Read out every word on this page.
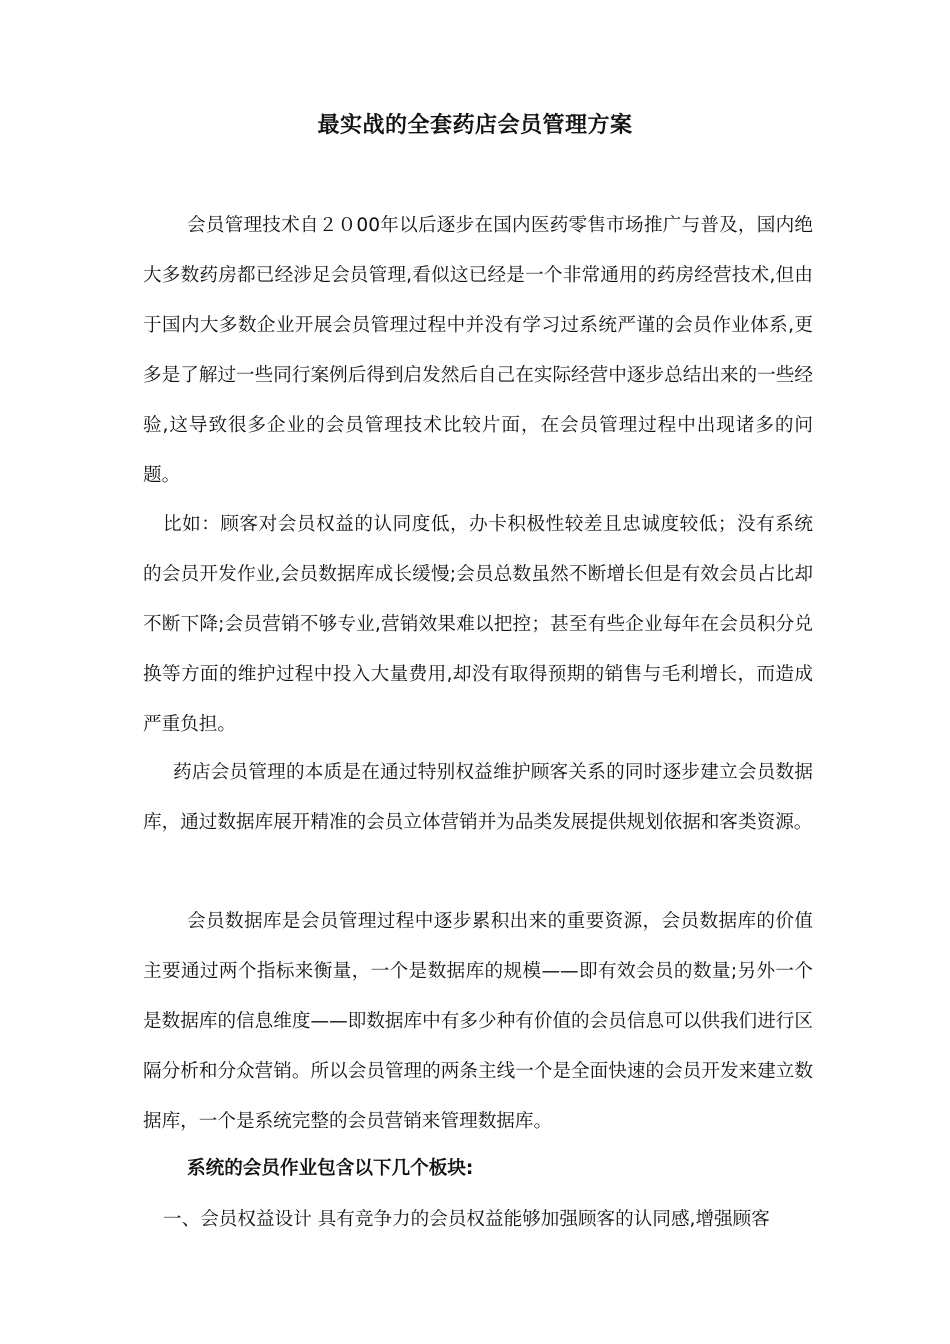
最实战的全套药店会员管理方案

会员管理技术自２０00年以后逐步在国内医药零售市场推广与普及，国内绝大多数药房都已经涉足会员管理,看似这已经是一个非常通用的药房经营技术,但由于国内大多数企业开展会员管理过程中并没有学习过系统严谨的会员作业体系,更多是了解过一些同行案例后得到启发然后自己在实际经营中逐步总结出来的一些经验,这导致很多企业的会员管理技术比较片面，在会员管理过程中出现诸多的问题。

比如：顾客对会员权益的认同度低，办卡积极性较差且忠诚度较低；没有系统的会员开发作业,会员数据库成长缓慢;会员总数虽然不断增长但是有效会员占比却不断下降;会员营销不够专业,营销效果难以把控；甚至有些企业每年在会员积分兑换等方面的维护过程中投入大量费用,却没有取得预期的销售与毛利增长，而造成严重负担。

药店会员管理的本质是在通过特别权益维护顾客关系的同时逐步建立会员数据库，通过数据库展开精准的会员立体营销并为品类发展提供规划依据和客类资源。

会员数据库是会员管理过程中逐步累积出来的重要资源，会员数据库的价值主要通过两个指标来衡量，一个是数据库的规模——即有效会员的数量;另外一个是数据库的信息维度——即数据库中有多少种有价值的会员信息可以供我们进行区隔分析和分众营销。所以会员管理的两条主线一个是全面快速的会员开发来建立数据库，一个是系统完整的会员营销来管理数据库。

系统的会员作业包含以下几个板块:

一、会员权益设计 具有竞争力的会员权益能够加强顾客的认同感,增强顾客
